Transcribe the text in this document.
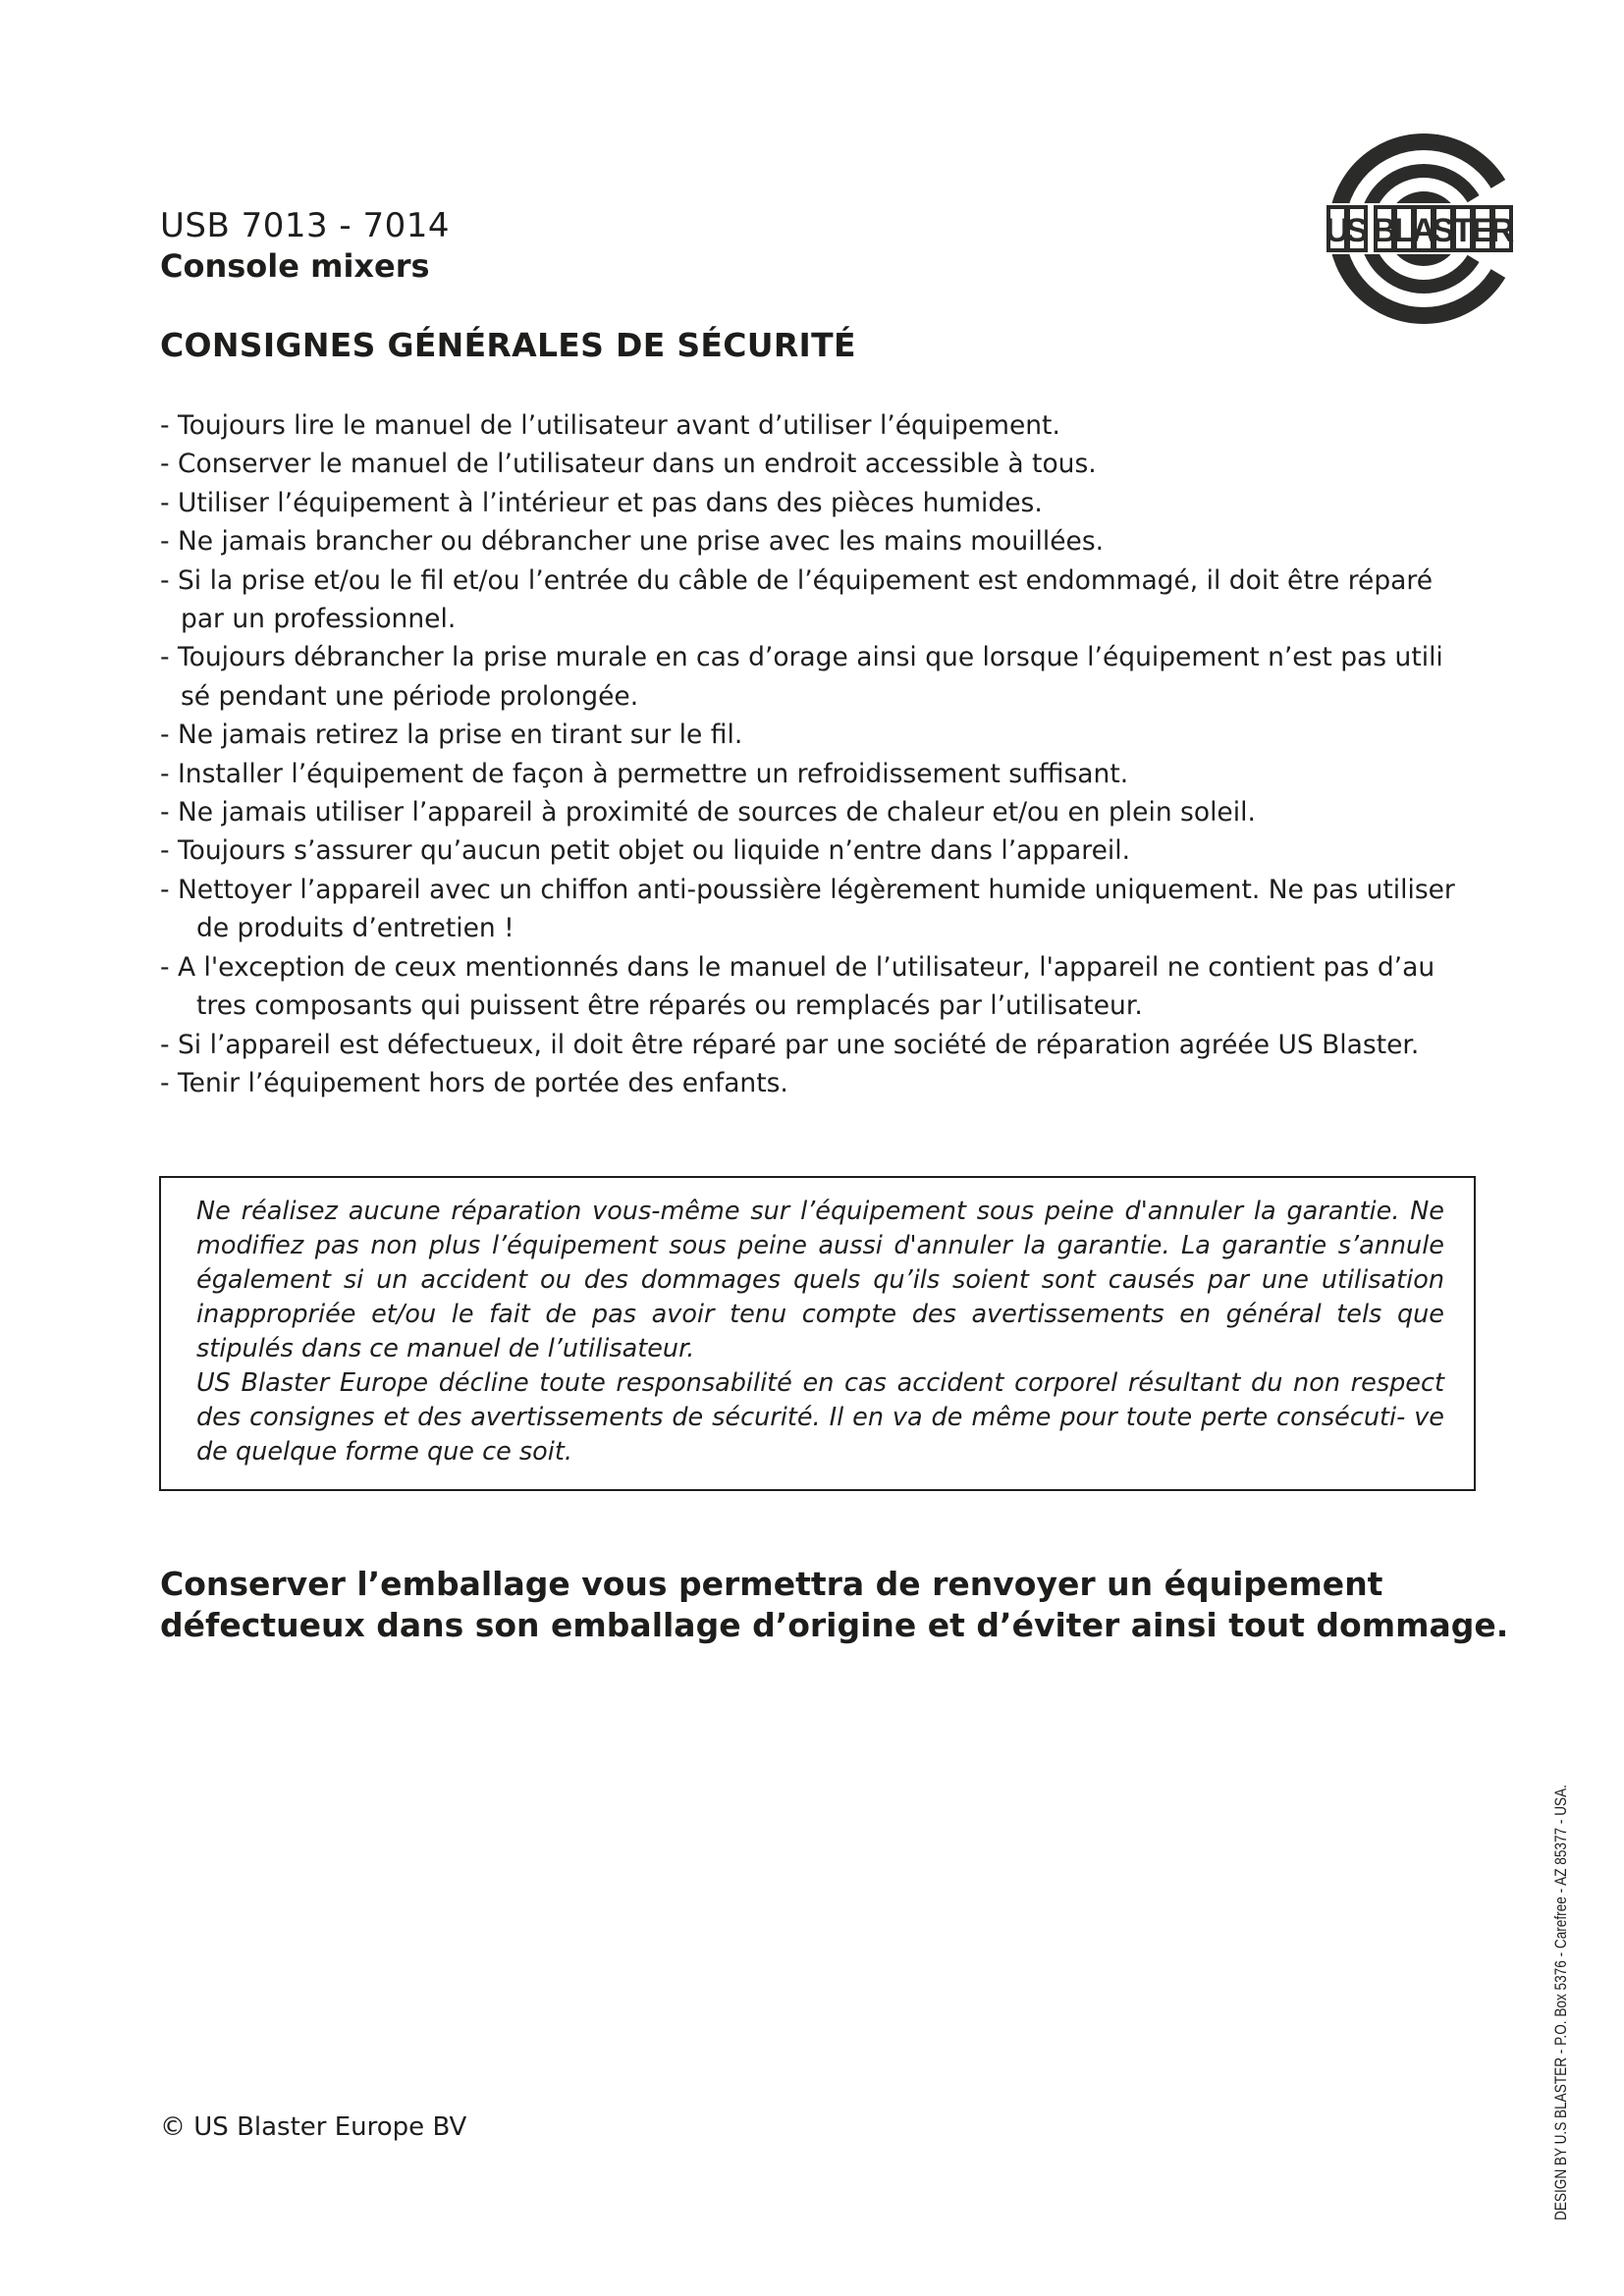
USB 7013 - 7014
Console mixers
CONSIGNES GÉNÉRALES DE SÉCURITÉ
U
S B
L
A
S
T
E
R
- Toujours lire le manuel de l’utilisateur avant d’utiliser l’équipement.
- Conserver le manuel de l’utilisateur dans un endroit accessible à tous.
- Utiliser l’équipement à l’intérieur et pas dans des pièces humides.
- Ne jamais brancher ou débrancher une prise avec les mains mouillées.
- Si la prise et/ou le fil et/ou l’entrée du câble de l’équipement est endommagé, il doit être réparé par un professionnel.
- Toujours débrancher la prise murale en cas d’orage ainsi que lorsque l’équipement n’est pas utili sé pendant une période prolongée.
- Ne jamais retirez la prise en tirant sur le fil.
- Installer l’équipement de façon à permettre un refroidissement suffisant.
- Ne jamais utiliser l’appareil à proximité de sources de chaleur et/ou en plein soleil.
- Toujours s’assurer qu’aucun petit objet ou liquide n’entre dans l’appareil.
- Nettoyer l’appareil avec un chiffon anti-poussière légèrement humide uniquement. Ne pas utiliser de produits d’entretien !
- A l'exception de ceux mentionnés dans le manuel de l’utilisateur, l'appareil ne contient pas d’au tres composants qui puissent être réparés ou remplacés par l’utilisateur.
- Si l’appareil est défectueux, il doit être réparé par une société de réparation agréée US Blaster.
- Tenir l’équipement hors de portée des enfants.

Ne réalisez aucune réparation vous-même sur l’équipement sous peine d'annuler la garantie. Ne modifiez pas non plus l’équipement sous peine aussi d'annuler la garantie. La garantie s’annule également si un accident ou des dommages quels qu’ils soient sont causés par une utilisation inappropriée et/ou le fait de pas avoir tenu compte des avertissements en général tels que stipulés dans ce manuel de l’utilisateur.

US Blaster Europe décline toute responsabilité en cas accident corporel résultant du non respect des consignes et des avertissements de sécurité. Il en va de même pour toute perte consécuti- ve de quelque forme que ce soit.

Conserver l’emballage vous permettra de renvoyer un équipement défectueux dans son emballage d’origine et d’éviter ainsi tout dommage.
© US Blaster Europe BV	DESIGN BY U.S BLASTER - P.O. Box 5376 - Carefree - AZ 85377 - USA.
